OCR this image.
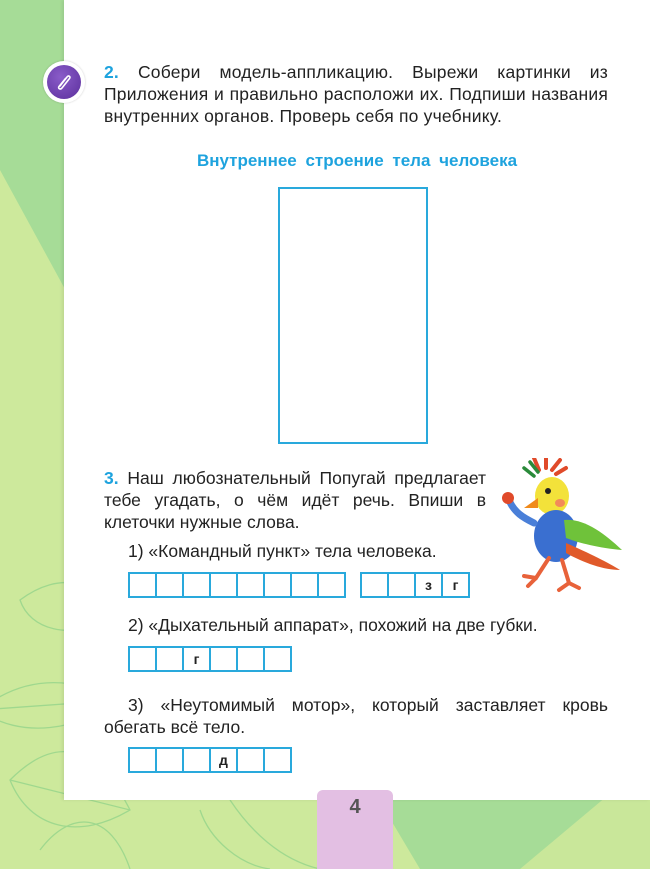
2. Собери модель-аппликацию. Вырежи картинки из Приложения и правильно расположи их. Подпиши названия внутренних органов. Проверь себя по учебнику.
Внутреннее строение тела человека
3. Наш любознательный Попугай предлагает тебе угадать, о чём идёт речь. Впиши в клеточки нужные слова.
1) «Командный пункт» тела человека.
з	г
2) «Дыхательный аппарат», похожий на две губки.
г
3) «Неутомимый мотор», который заставляет кровь обегать всё тело.
д
4
